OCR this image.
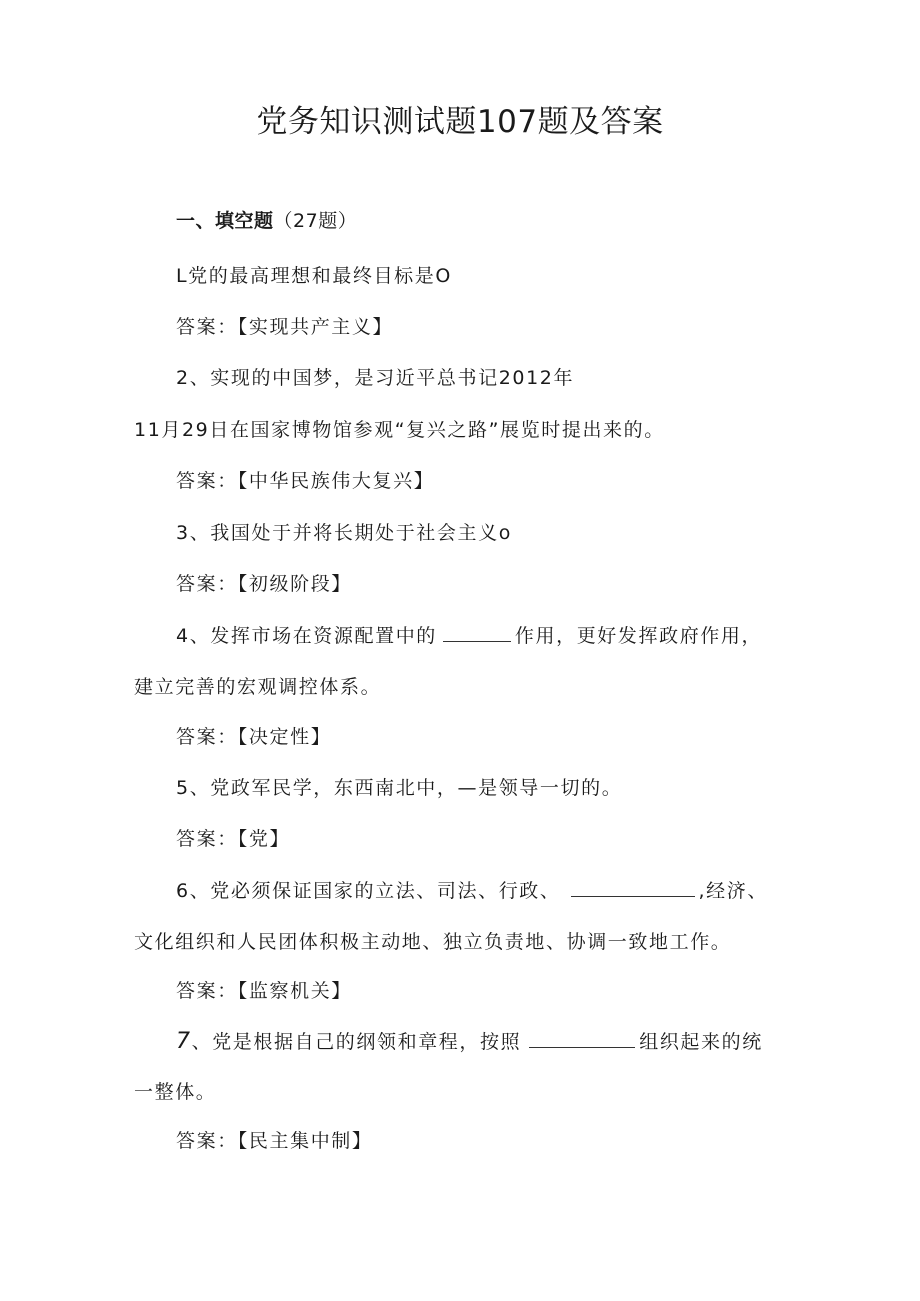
党务知识测试题107题及答案

一、填空题（27题）

L党的最高理想和最终目标是O

答案：【实现共产主义】

2、实现的中国梦，是习近平总书记2012年

11月29日在国家博物馆参观“复兴之路”展览时提出来的。

答案：【中华民族伟大复兴】

3、我国处于并将长期处于社会主义o

答案：【初级阶段】

4、发挥市场在资源配置中的	作用，更好发挥政府作用，

建立完善的宏观调控体系。

答案：【决定性】

5、党政军民学，东西南北中，—是领导一切的。

答案：【党】

6、党必须保证国家的立法、司法、行政、	,经济、

文化组织和人民团体积极主动地、独立负责地、协调一致地工作。

答案：【监察机关】

7、党是根据自己的纲领和章程，按照	组织起来的统

一整体。

答案：【民主集中制】
